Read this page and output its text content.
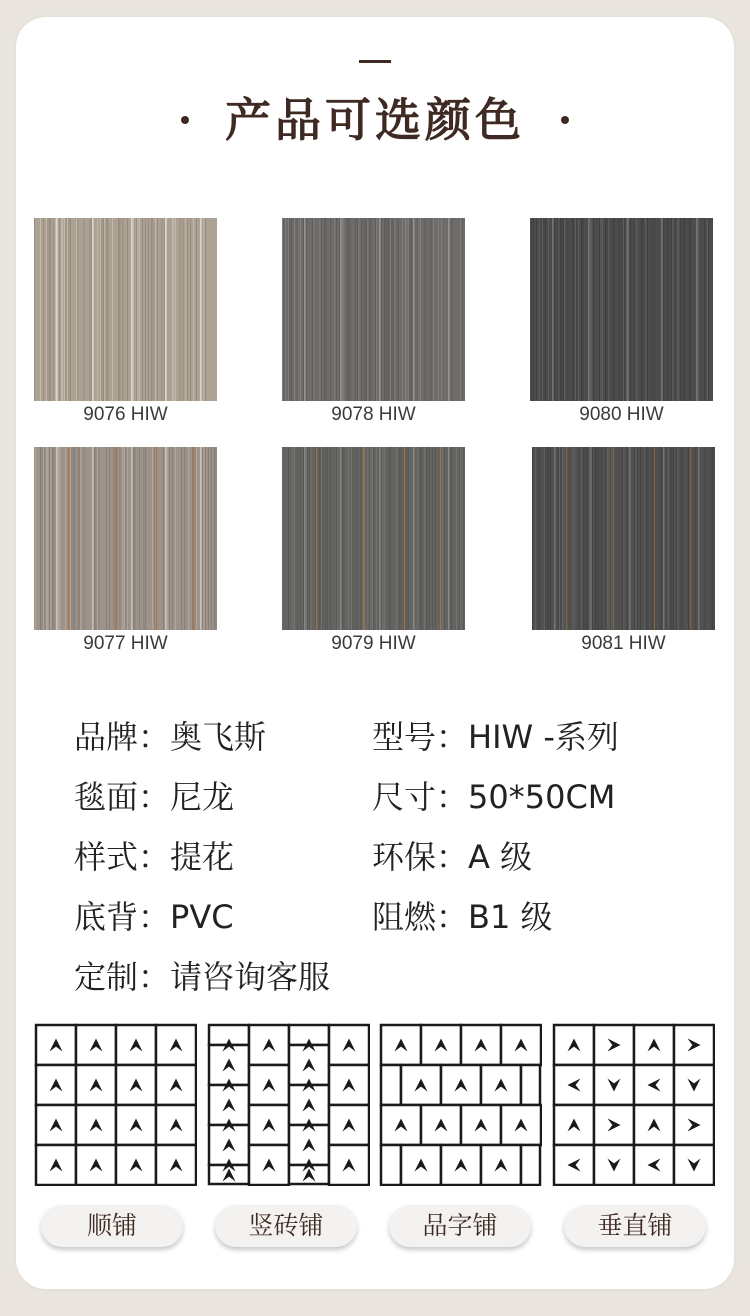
产品可选颜色
9076 HIW	9078 HIW	9080 HIW
9077 HIW	9079 HIW	9081 HIW
品牌：奥飞斯	型号：HIW -系列
毯面：尼龙	尺寸：50*50CM
样式：提花	环保：A 级
底背：PVC	阻燃：B1 级
定制：请咨询客服
顺铺	竖砖铺	品字铺	垂直铺
